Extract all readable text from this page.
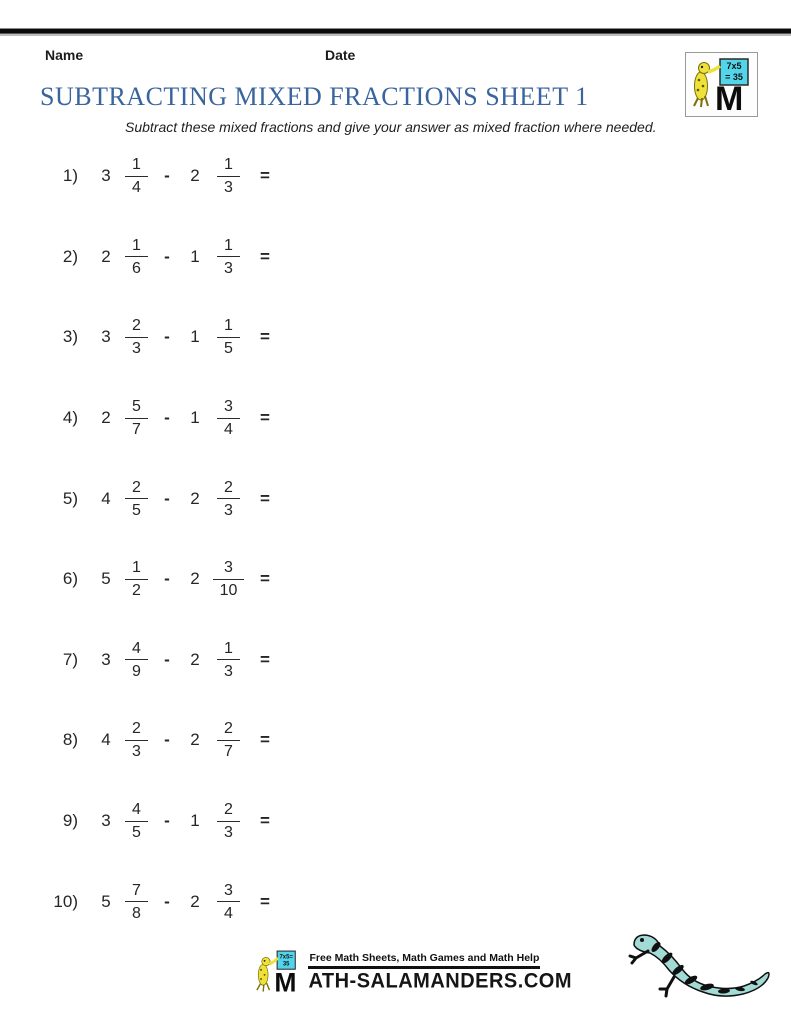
Name	Date
7x5
= 35
M
SUBTRACTING MIXED FRACTIONS SHEET 1
Subtract these mixed fractions and give your answer as mixed fraction where needed.
1) $3 \frac{1}{4} - 2 \frac{1}{3}$ =
2) $2 \frac{1}{6} - 1 \frac{1}{3}$ =
3) $3 \frac{2}{3} - 1 \frac{1}{5}$ =
4) $2 \frac{5}{7} - 1 \frac{3}{4}$ =
5) $4 \frac{2}{5} - 2 \frac{2}{3}$ =
6) $5 \frac{1}{2} - 2 \frac{3}{10}$ =
7) $3 \frac{4}{9} - 2 \frac{1}{3}$ =
8) $4 \frac{2}{3} - 2 \frac{2}{7}$ =
9) $3 \frac{4}{5} - 1 \frac{2}{3}$ =
10) $5 \frac{7}{8} - 2 \frac{3}{4}$ =
7x5=
35
M
Free Math Sheets, Math Games and Math Help
ATH-SALAMANDERS.COM
